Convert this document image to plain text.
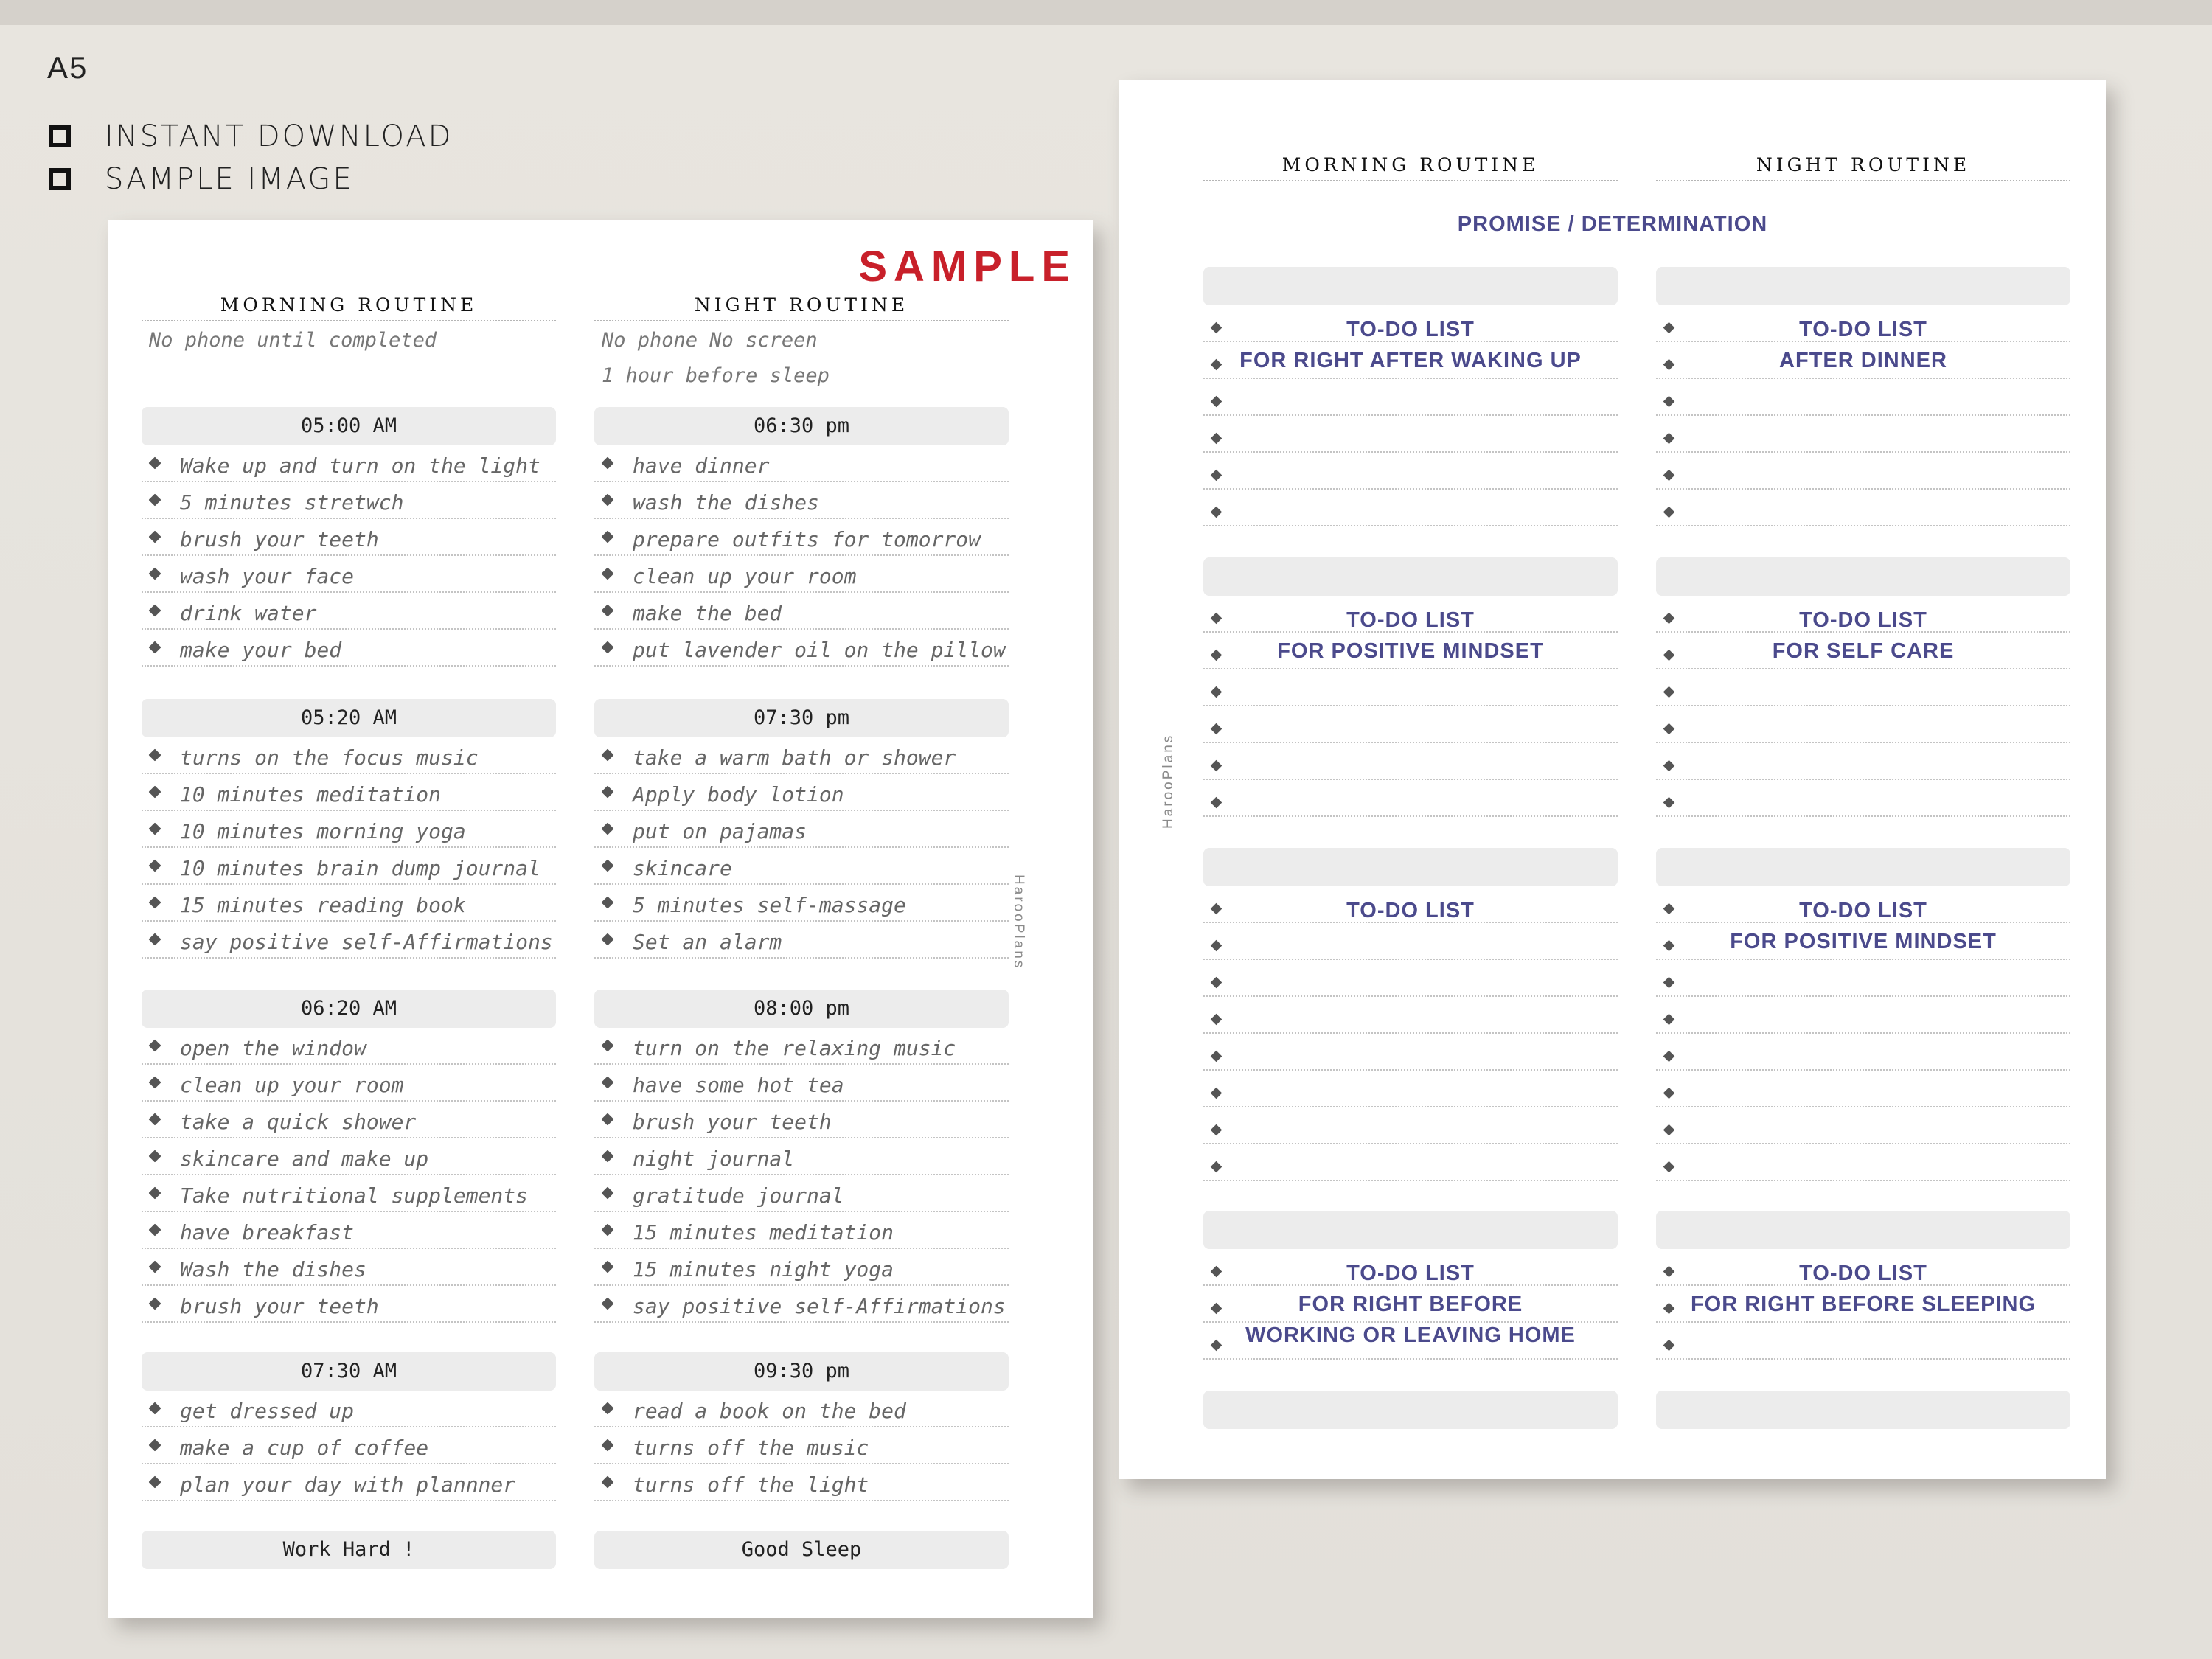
A5
INSTANT DOWNLOAD
SAMPLE IMAGE
SAMPLE
MORNING ROUTINE
No phone until completed
05:00 AM
Wake up and turn on the light
5 minutes stretwch
brush your teeth
wash your face
drink water
make your bed
05:20 AM
turns on the focus music
10 minutes meditation
10 minutes morning yoga
10 minutes brain dump journal
15 minutes reading book
say positive self-Affirmations
06:20 AM
open the window
clean up your room
take a quick shower
skincare and make up
Take nutritional supplements
have breakfast
Wash the dishes
brush your teeth
07:30 AM
get dressed up
make a cup of coffee
plan your day with plannner
Work Hard !
NIGHT ROUTINE
No phone No screen
1 hour before sleep
06:30 pm
have dinner
wash the dishes
prepare outfits for tomorrow
clean up your room
make the bed
put lavender oil on the pillow
07:30 pm
take a warm bath or shower
Apply body lotion
put on pajamas
skincare
5 minutes self-massage
Set an alarm
08:00 pm
turn on the relaxing music
have some hot tea
brush your teeth
night journal
gratitude journal
15 minutes meditation
15 minutes night yoga
say positive self-Affirmations
09:30 pm
read a book on the bed
turns off the music
turns off the light
Good Sleep
HarooPlans
MORNING ROUTINE	NIGHT ROUTINE
PROMISE / DETERMINATION
TO-DO LIST
FOR RIGHT AFTER WAKING UP
TO-DO LIST
FOR POSITIVE MINDSET
TO-DO LIST
TO-DO LIST
FOR RIGHT BEFORE
WORKING OR LEAVING HOME
TO-DO LIST
AFTER DINNER
TO-DO LIST
FOR SELF CARE
TO-DO LIST
FOR POSITIVE MINDSET
TO-DO LIST
FOR RIGHT BEFORE SLEEPING
HarooPlans
